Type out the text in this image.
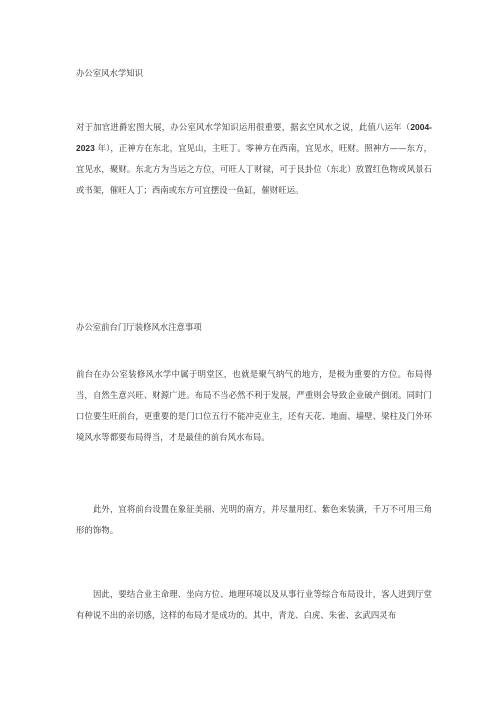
办公室风水学知识
对于加官进爵宏图大展，办公室风水学知识运用很重要，据玄空风水之说，此值八运年（2004-2023 年），正神方在东北，宜见山，主旺丁。零神方在西南，宜见水，旺财。照神方——东方，宜见水，聚财。东北方为当运之方位，可旺人丁财禄，可于艮卦位（东北）放置红色物或风景石或书架，催旺人丁；西南或东方可宜摆设一鱼缸，催财旺运。
办公室前台门厅装修风水注意事项
前台在办公室装修风水学中属于明堂区，也就是聚气纳气的地方，是极为重要的方位。布局得当，自然生意兴旺、财源广进。布局不当必然不利于发展，严重则会导致企业破产倒闭。同时门口位要生旺前台，更重要的是门口位五行不能冲克业主，还有天花、地面、墙壁、梁柱及门外环境风水等都要布局得当，才是最佳的前台风水布局。
此外，宜将前台设置在象征美丽、光明的南方，并尽量用红、紫色来装潢，千万不可用三角形的饰物。
因此，要结合业主命理、坐向方位、地理环境以及从事行业等综合布局设计，客人进到厅堂有种说不出的亲切感，这样的布局才是成功的。其中，青龙、白虎、朱雀、玄武四灵布
